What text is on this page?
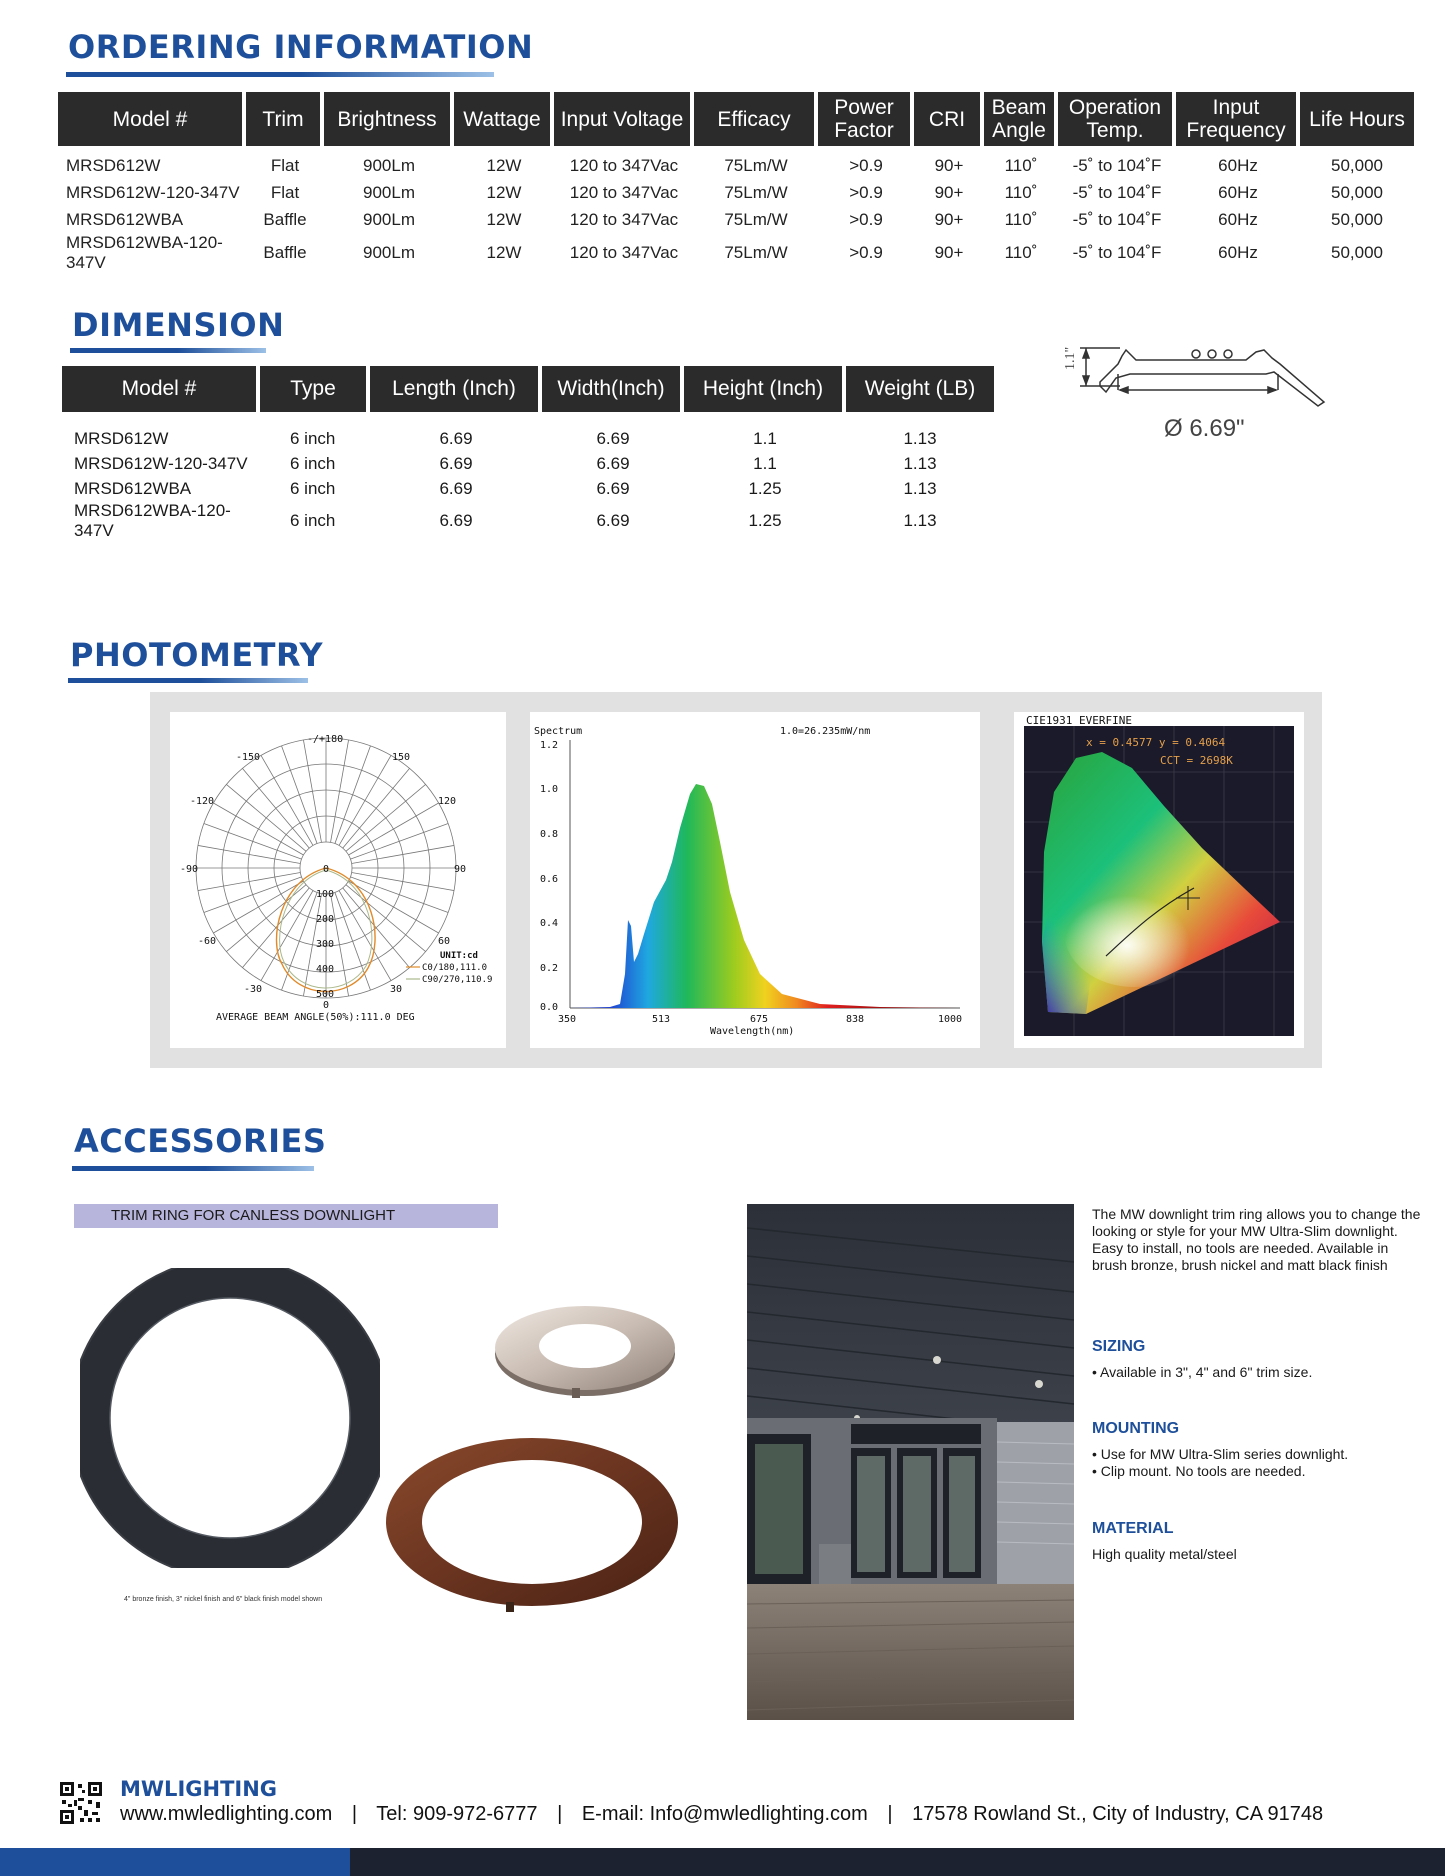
ORDERING INFORMATION
Model #	Trim	Brightness	Wattage	Input Voltage	Efficacy	Power Factor	CRI	Beam Angle	Operation Temp.	Input Frequency	Life Hours

MRSD612W	Flat	900Lm	12W	120 to 347Vac	75Lm/W	>0.9	90+	110˚	-5˚ to 104˚F	60Hz	50,000
MRSD612W-120-347V	Flat	900Lm	12W	120 to 347Vac	75Lm/W	>0.9	90+	110˚	-5˚ to 104˚F	60Hz	50,000
MRSD612WBA	Baffle	900Lm	12W	120 to 347Vac	75Lm/W	>0.9	90+	110˚	-5˚ to 104˚F	60Hz	50,000
MRSD612WBA-120-347V	Baffle	900Lm	12W	120 to 347Vac	75Lm/W	>0.9	90+	110˚	-5˚ to 104˚F	60Hz	50,000
DIMENSION
Model #	Type	Length (Inch)	Width(Inch)	Height (Inch)	Weight (LB)

MRSD612W	6 inch	6.69	6.69	1.1	1.13
MRSD612W-120-347V	6 inch	6.69	6.69	1.1	1.13
MRSD612WBA	6 inch	6.69	6.69	1.25	1.13
MRSD612WBA-120-347V	6 inch	6.69	6.69	1.25	1.13
1.1"
Ø 6.69"
PHOTOMETRY
-/+180
-150	150
-120	120
-90	90
-60	60
-30	30
0
100
200
300
400
500
0
UNIT:cd
C0/180,111.0
C90/270,110.9
AVERAGE BEAM ANGLE(50%):111.0 DEG
Spectrum	1.0=26.235mW/nm
1.2
1.0
0.8
0.6
0.4
0.2
0.0
350	513	675	838	1000
Wavelength(nm)
CIE1931 EVERFINE
x = 0.4577 y = 0.4064
CCT = 2698K
ACCESSORIES
TRIM RING FOR CANLESS DOWNLIGHT
4" bronze finish, 3" nickel finish and 6" black finish model shown
The MW downlight trim ring allows you to change the looking or style for your MW Ultra-Slim downlight. Easy to install, no tools are needed. Available in brush bronze, brush nickel and matt black finish
SIZING
• Available in 3", 4" and 6" trim size.
MOUNTING
• Use for MW Ultra-Slim series downlight.
• Clip mount. No tools are needed.
MATERIAL
High quality metal/steel
MWLIGHTING
www.mwledlighting.com | Tel: 909-972-6777 | E-mail: Info@mwledlighting.com | 17578 Rowland St., City of Industry, CA 91748
